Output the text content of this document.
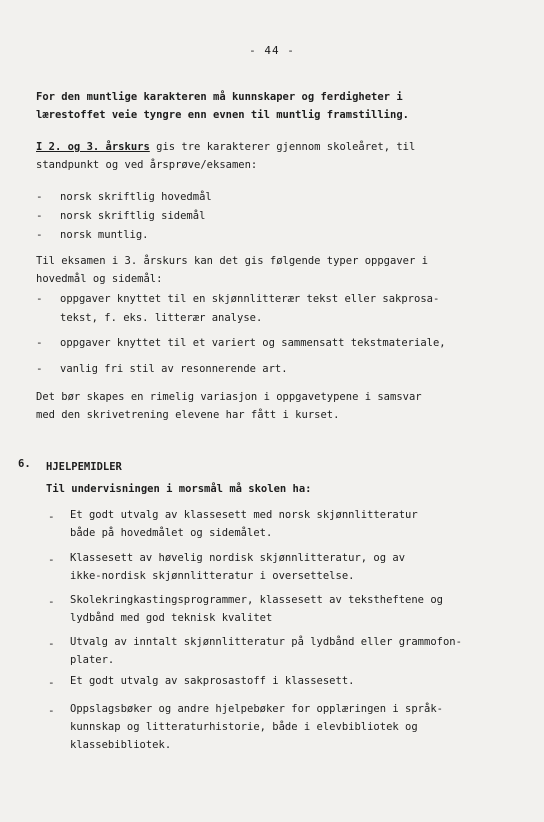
- 44 -
For den muntlige karakteren må kunnskaper og ferdigheter i
lærestoffet veie tyngre enn evnen til muntlig framstilling.
I 2. og 3. årskurs gis tre karakterer gjennom skoleåret, til
standpunkt og ved årsprøve/eksamen:
- norsk skriftlig hovedmål
- norsk skriftlig sidemål
- norsk muntlig.
Til eksamen i 3. årskurs kan det gis følgende typer oppgaver i
hovedmål og sidemål:
- oppgaver knyttet til en skjønnlitterær tekst eller sakprosa-
tekst, f. eks. litterær analyse.
- oppgaver knyttet til et variert og sammensatt tekstmateriale,
- vanlig fri stil av resonnerende art.
Det bør skapes en rimelig variasjon i oppgavetypene i samsvar
med den skrivetrening elevene har fått i kurset.
6. HJELPEMIDLER
Til undervisningen i morsmål må skolen ha:
- Et godt utvalg av klassesett med norsk skjønnlitteratur
både på hovedmålet og sidemålet.
- Klassesett av høvelig nordisk skjønnlitteratur, og av
ikke-nordisk skjønnlitteratur i oversettelse.
- Skolekringkastingsprogrammer, klassesett av tekstheftene og
lydbånd med god teknisk kvalitet
- Utvalg av inntalt skjønnlitteratur på lydbånd eller grammofon-
plater.
- Et godt utvalg av sakprosastoff i klassesett.
- Oppslagsbøker og andre hjelpebøker for opplæringen i språk-
kunnskap og litteraturhistorie, både i elevbibliotek og
klassebibliotek.
